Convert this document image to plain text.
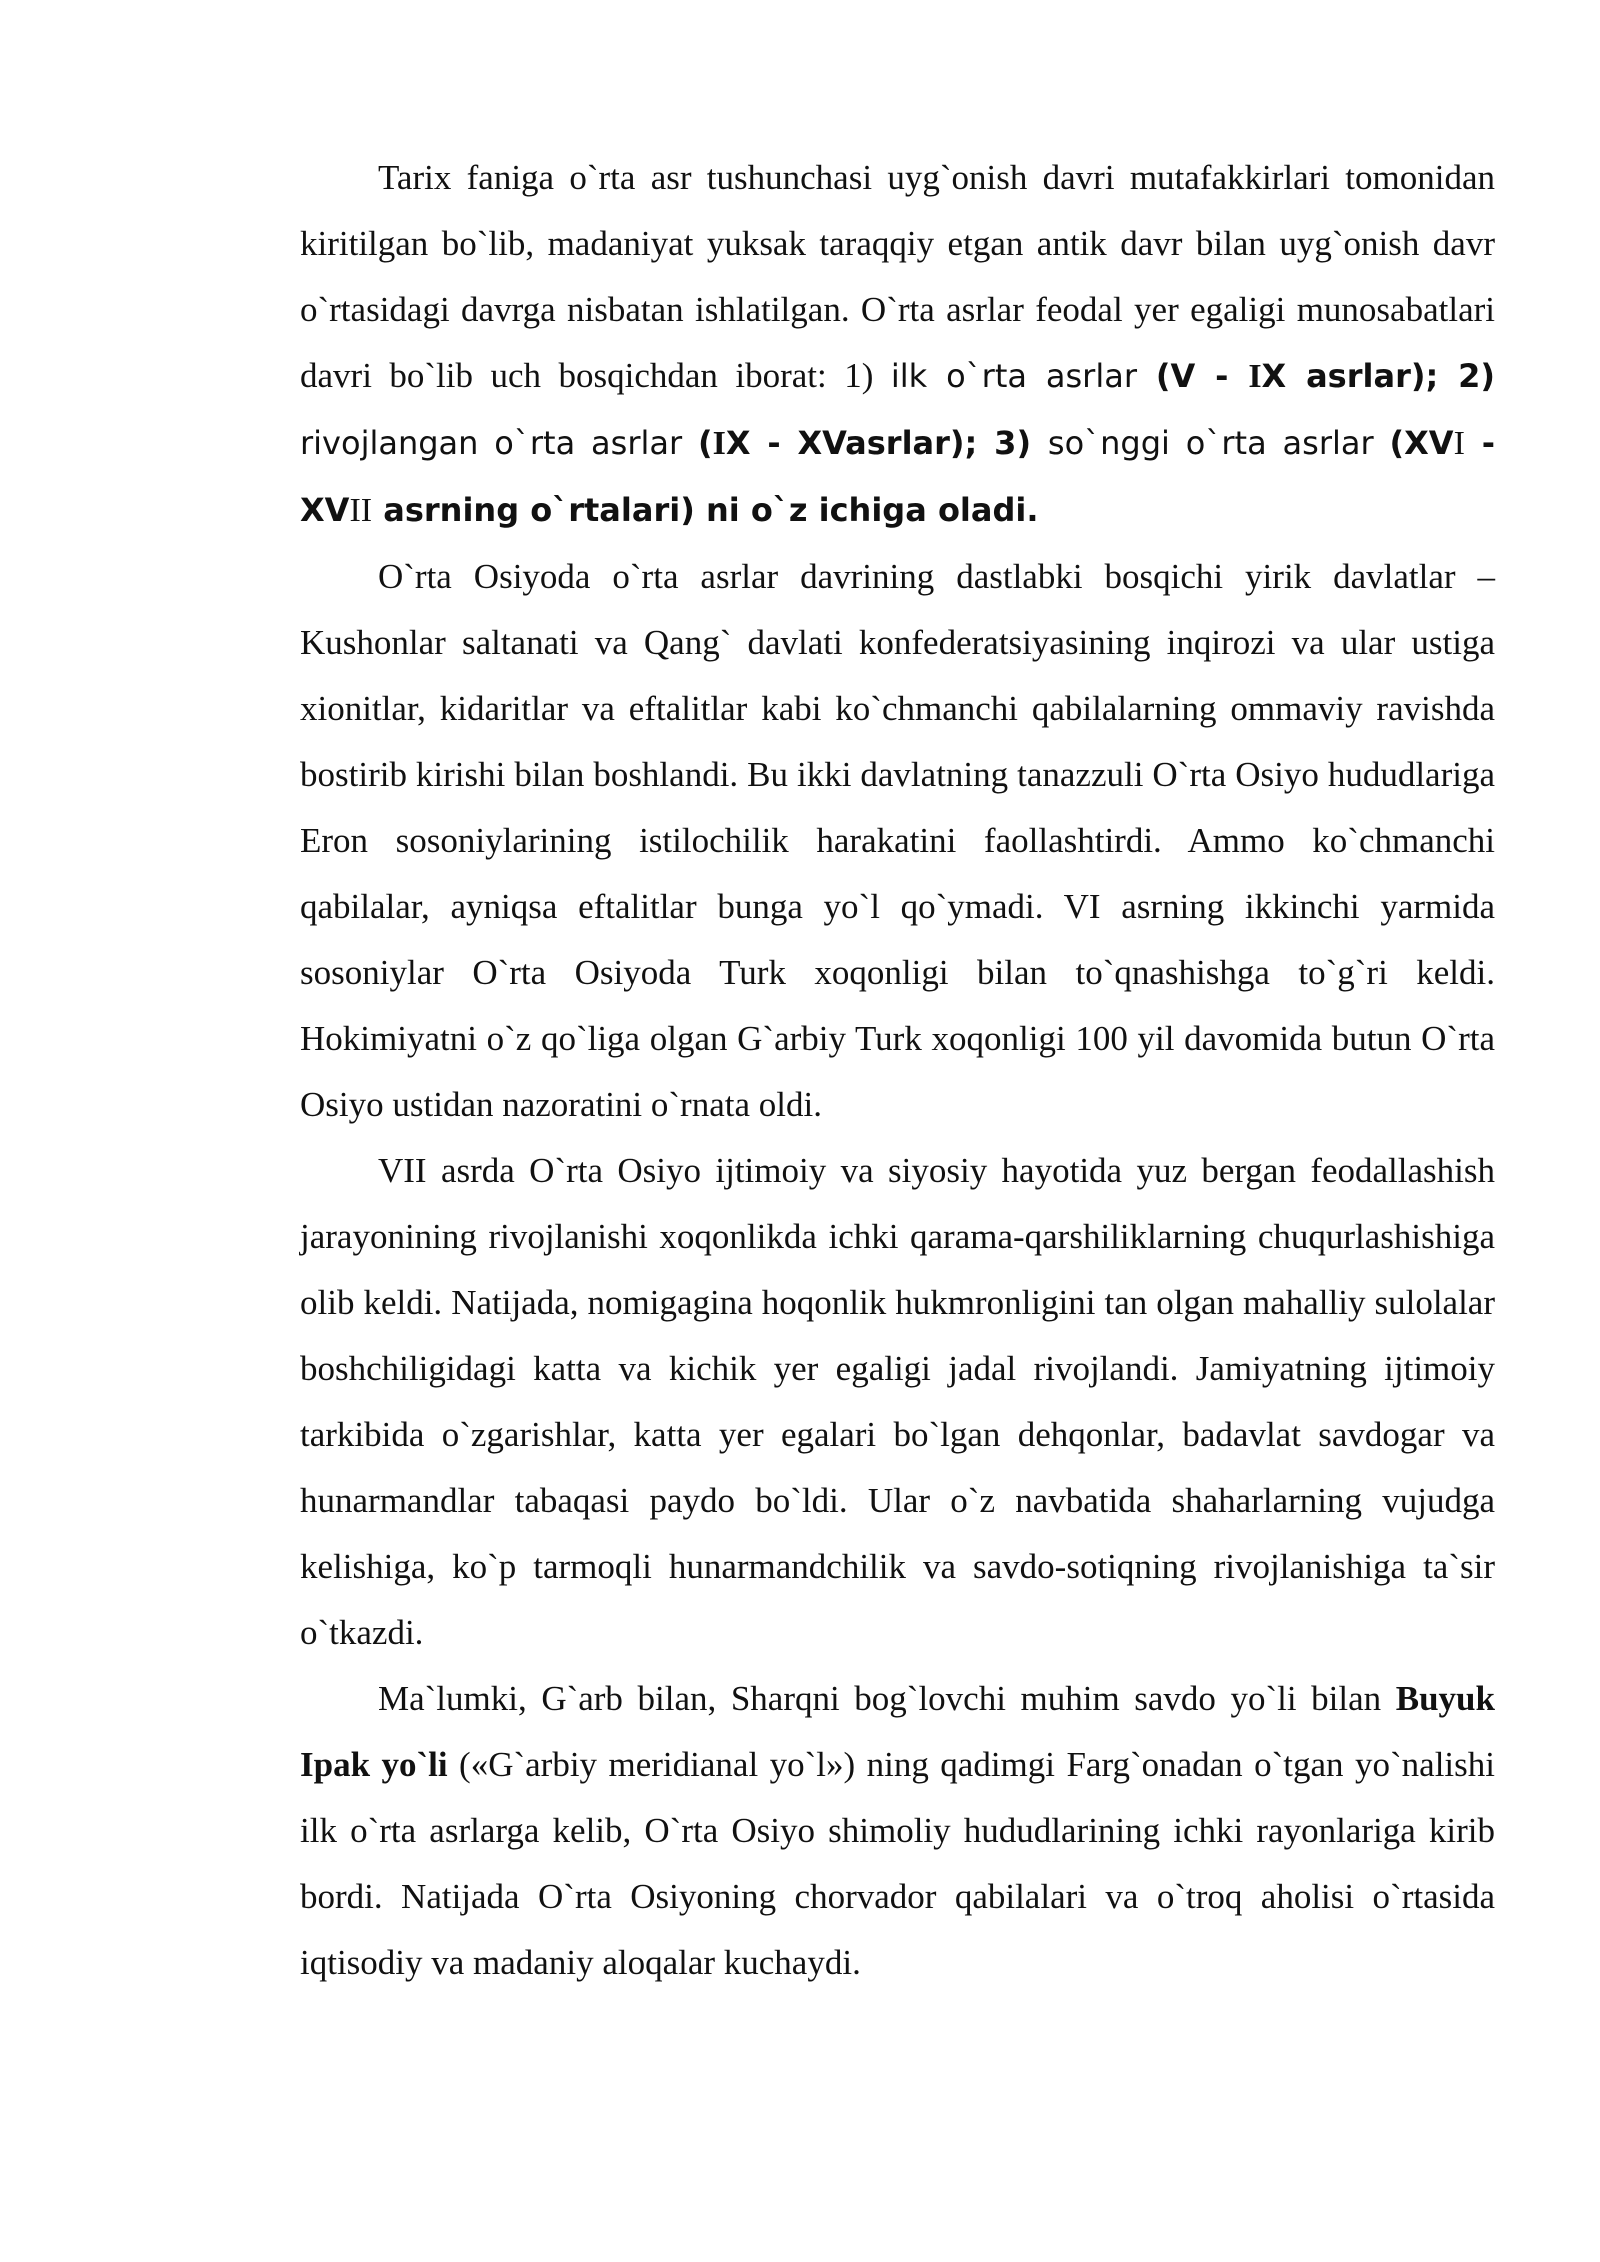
Tarix faniga o`rta asr tushunchasi uyg`onish davri mutafakkirlari tomonidan kiritilgan bo`lib, madaniyat yuksak taraqqiy etgan antik davr bilan uyg`onish davr o`rtasidagi davrga nisbatan ishlatilgan. O`rta asrlar feodal yer egaligi munosabatlari davri bo`lib uch bosqichdan iborat: 1) ilk o`rta asrlar (V - IX asrlar); 2) rivojlangan o`rta asrlar (IX - XVasrlar); 3) so`nggi o`rta asrlar (XVI - XVII asrning o`rtalari) ni o`z ichiga oladi.

O`rta Osiyoda o`rta asrlar davrining dastlabki bosqichi yirik davlatlar – Kushonlar saltanati va Qang` davlati konfederatsiyasining inqirozi va ular ustiga xionitlar, kidaritlar va eftalitlar kabi ko`chmanchi qabilalarning ommaviy ravishda bostirib kirishi bilan boshlandi. Bu ikki davlatning tanazzuli O`rta Osiyo hududlariga Eron sosoniylarining istilochilik harakatini faollashtirdi. Ammo ko`chmanchi qabilalar, ayniqsa eftalitlar bunga yo`l qo`ymadi. VI asrning ikkinchi yarmida sosoniylar O`rta Osiyoda Turk xoqonligi bilan to`qnashishga to`g`ri keldi. Hokimiyatni o`z qo`liga olgan G`arbiy Turk xoqonligi 100 yil davomida butun O`rta Osiyo ustidan nazoratini o`rnata oldi.

VII asrda O`rta Osiyo ijtimoiy va siyosiy hayotida yuz bergan feodallashish jarayonining rivojlanishi xoqonlikda ichki qarama-qarshiliklarning chuqurlashishiga olib keldi. Natijada, nomigagina hoqonlik hukmronligini tan olgan mahalliy sulolalar boshchiligidagi katta va kichik yer egaligi jadal rivojlandi. Jamiyatning ijtimoiy tarkibida o`zgarishlar, katta yer egalari bo`lgan dehqonlar, badavlat savdogar va hunarmandlar tabaqasi paydo bo`ldi. Ular o`z navbatida shaharlarning vujudga kelishiga, ko`p tarmoqli hunarmandchilik va savdo-sotiqning rivojlanishiga ta`sir o`tkazdi.

Ma`lumki, G`arb bilan, Sharqni bog`lovchi muhim savdo yo`li bilan Buyuk Ipak yo`li («G`arbiy meridianal yo`l») ning qadimgi Farg`onadan o`tgan yo`nalishi ilk o`rta asrlarga kelib, O`rta Osiyo shimoliy hududlarining ichki rayonlariga kirib bordi. Natijada O`rta Osiyoning chorvador qabilalari va o`troq aholisi o`rtasida iqtisodiy va madaniy aloqalar kuchaydi.
